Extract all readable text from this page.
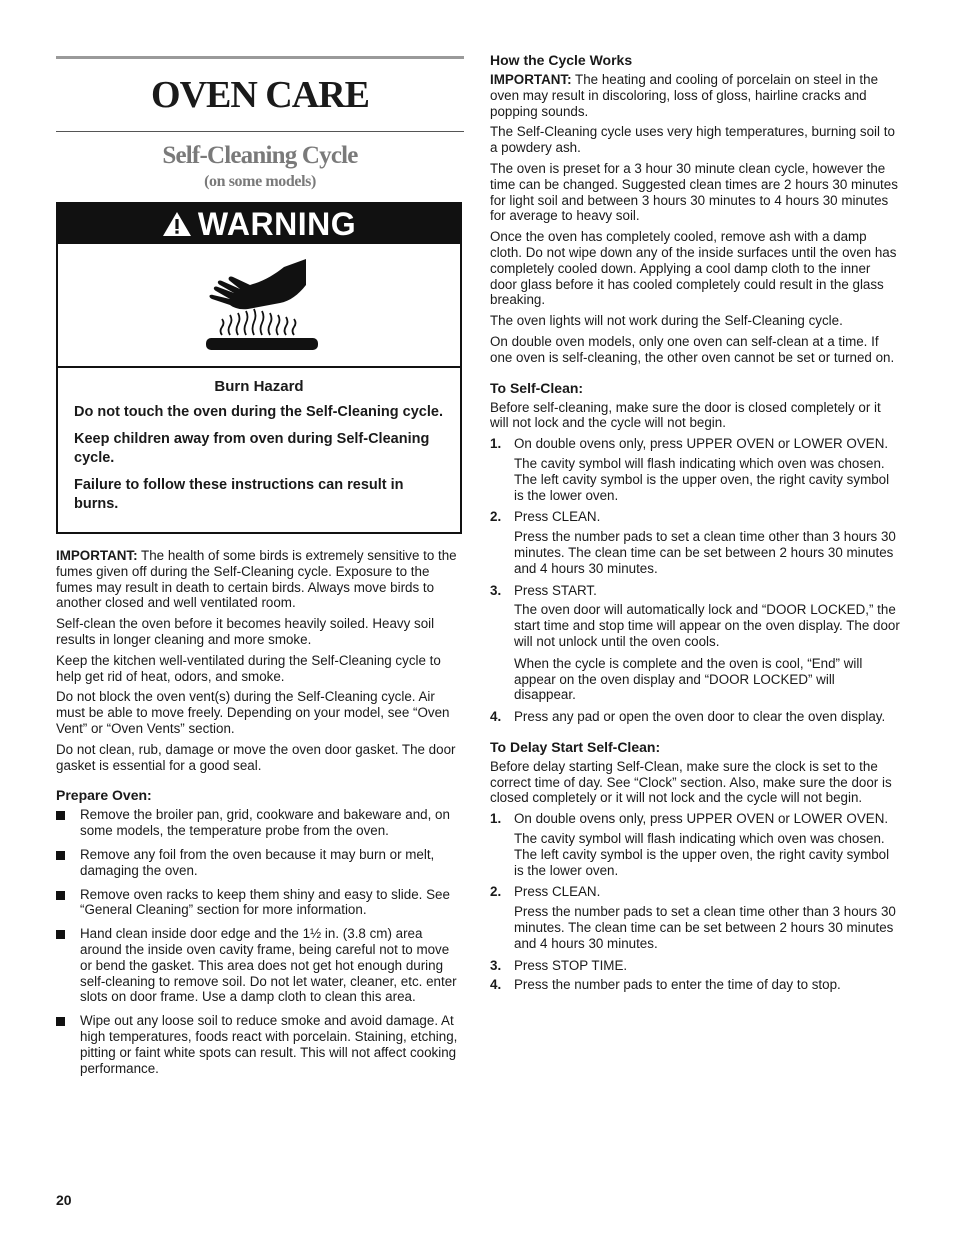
OVEN CARE
Self-Cleaning Cycle
(on some models)
WARNING
Burn Hazard

Do not touch the oven during the Self-Cleaning cycle.

Keep children away from oven during Self-Cleaning cycle.

Failure to follow these instructions can result in burns.

IMPORTANT: The health of some birds is extremely sensitive to the fumes given off during the Self-Cleaning cycle. Exposure to the fumes may result in death to certain birds. Always move birds to another closed and well ventilated room.

Self-clean the oven before it becomes heavily soiled. Heavy soil results in longer cleaning and more smoke.

Keep the kitchen well-ventilated during the Self-Cleaning cycle to help get rid of heat, odors, and smoke.

Do not block the oven vent(s) during the Self-Cleaning cycle. Air must be able to move freely. Depending on your model, see “Oven Vent” or “Oven Vents” section.

Do not clean, rub, damage or move the oven door gasket. The door gasket is essential for a good seal.

Prepare Oven:
Remove the broiler pan, grid, cookware and bakeware and, on some models, the temperature probe from the oven.
Remove any foil from the oven because it may burn or melt, damaging the oven.
Remove oven racks to keep them shiny and easy to slide. See “General Cleaning” section for more information.
Hand clean inside door edge and the 1½ in. (3.8 cm) area around the inside oven cavity frame, being careful not to move or bend the gasket. This area does not get hot enough during self-cleaning to remove soil. Do not let water, cleaner, etc. enter slots on door frame. Use a damp cloth to clean this area.
Wipe out any loose soil to reduce smoke and avoid damage. At high temperatures, foods react with porcelain. Staining, etching, pitting or faint white spots can result. This will not affect cooking performance.
How the Cycle Works

IMPORTANT: The heating and cooling of porcelain on steel in the oven may result in discoloring, loss of gloss, hairline cracks and popping sounds.

The Self-Cleaning cycle uses very high temperatures, burning soil to a powdery ash.

The oven is preset for a 3 hour 30 minute clean cycle, however the time can be changed. Suggested clean times are 2 hours 30 minutes for light soil and between 3 hours 30 minutes to 4 hours 30 minutes for average to heavy soil.

Once the oven has completely cooled, remove ash with a damp cloth. Do not wipe down any of the inside surfaces until the oven has completely cooled down. Applying a cool damp cloth to the inner door glass before it has cooled completely could result in the glass breaking.

The oven lights will not work during the Self-Cleaning cycle.

On double oven models, only one oven can self-clean at a time. If one oven is self-cleaning, the other oven cannot be set or turned on.

To Self-Clean:

Before self-cleaning, make sure the door is closed completely or it will not lock and the cycle will not begin.

1. On double ovens only, press UPPER OVEN or LOWER OVEN.
The cavity symbol will flash indicating which oven was chosen. The left cavity symbol is the upper oven, the right cavity symbol is the lower oven.
2. Press CLEAN.
Press the number pads to set a clean time other than 3 hours 30 minutes. The clean time can be set between 2 hours 30 minutes and 4 hours 30 minutes.
3. Press START.
The oven door will automatically lock and “DOOR LOCKED,” the start time and stop time will appear on the oven display. The door will not unlock until the oven cools.
When the cycle is complete and the oven is cool, “End” will appear on the oven display and “DOOR LOCKED” will disappear.
4. Press any pad or open the oven door to clear the oven display.
To Delay Start Self-Clean:

Before delay starting Self-Clean, make sure the clock is set to the correct time of day. See “Clock” section. Also, make sure the door is closed completely or it will not lock and the cycle will not begin.

1. On double ovens only, press UPPER OVEN or LOWER OVEN.
The cavity symbol will flash indicating which oven was chosen. The left cavity symbol is the upper oven, the right cavity symbol is the lower oven.
2. Press CLEAN.
Press the number pads to set a clean time other than 3 hours 30 minutes. The clean time can be set between 2 hours 30 minutes and 4 hours 30 minutes.
3. Press STOP TIME.
4. Press the number pads to enter the time of day to stop.
20
